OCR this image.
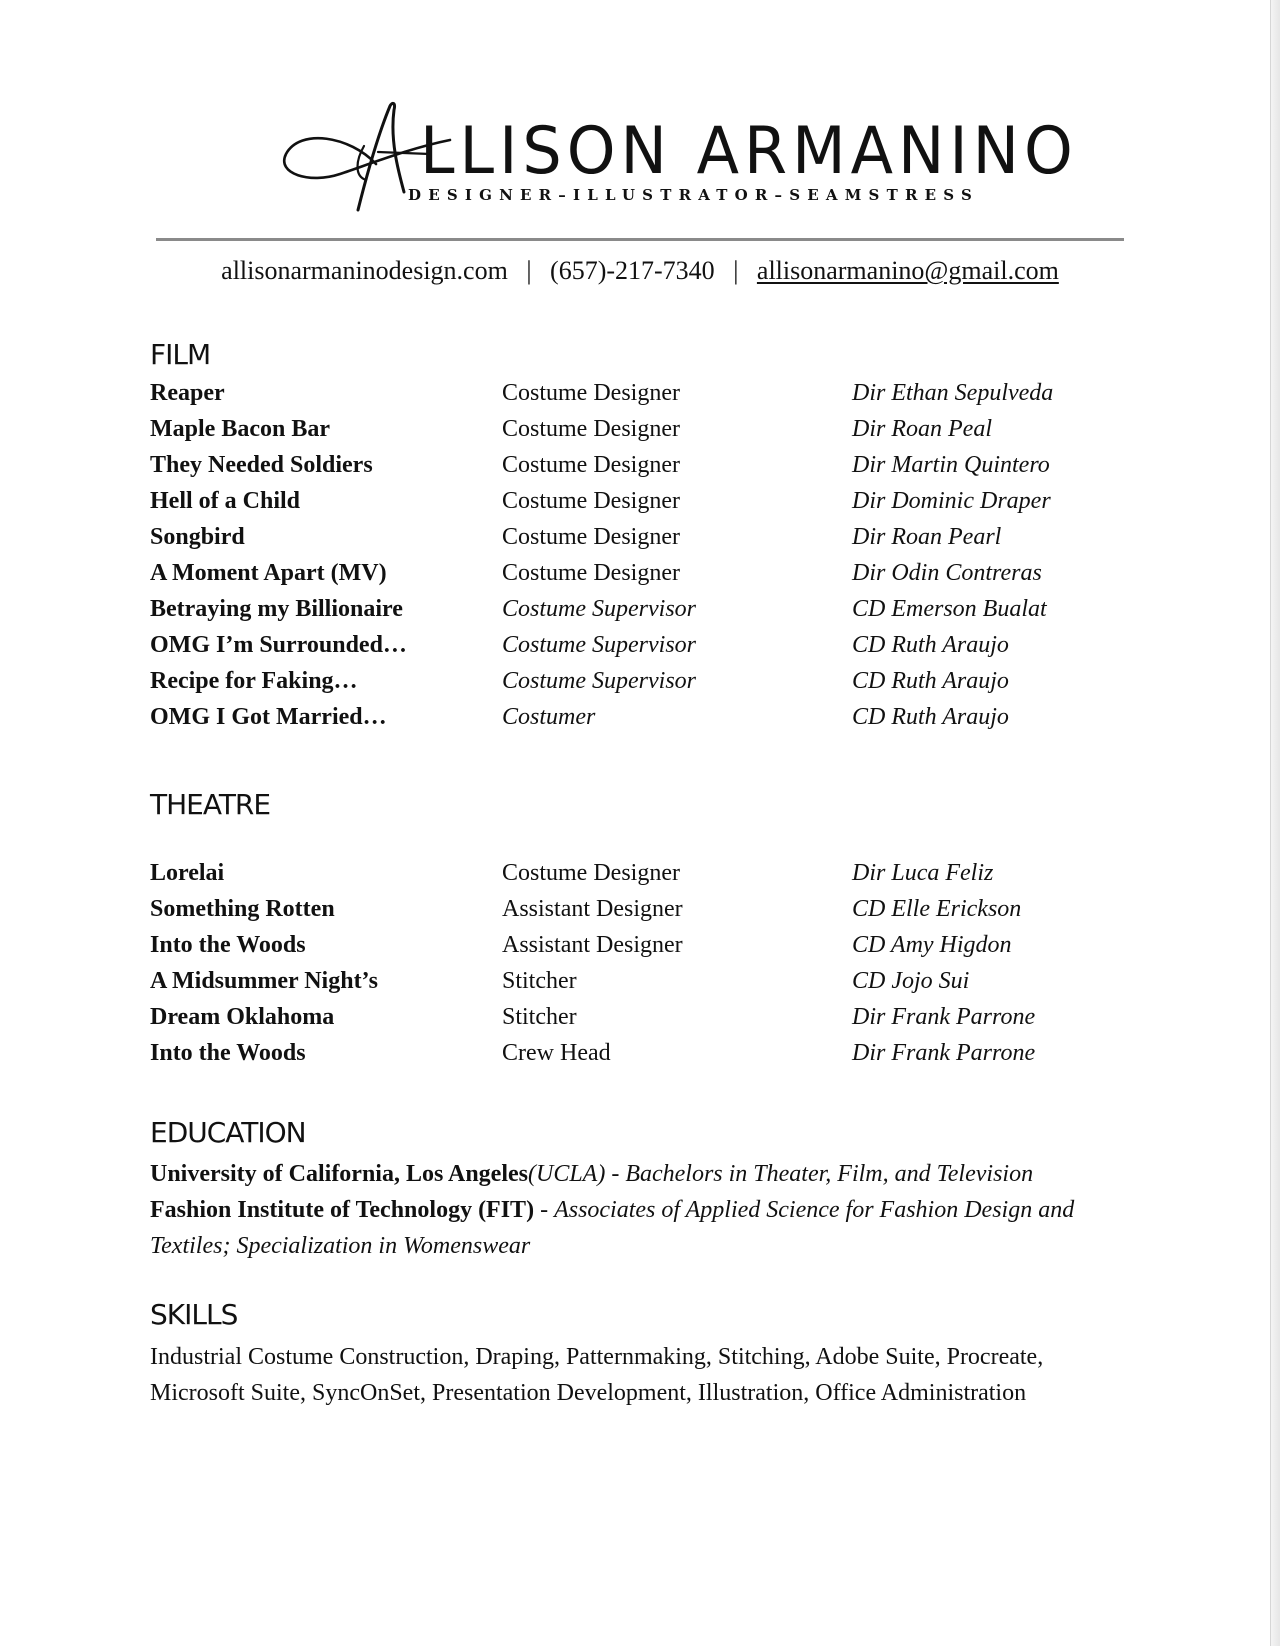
LLISON ARMANINO
DESIGNER–ILLUSTRATOR–SEAMSTRESS
allisonarmaninodesign.com | (657)-217-7340 | allisonarmanino@gmail.com
FILM
Reaper	Costume Designer	Dir Ethan Sepulveda
Maple Bacon Bar	Costume Designer	Dir Roan Peal
They Needed Soldiers	Costume Designer	Dir Martin Quintero
Hell of a Child	Costume Designer	Dir Dominic Draper
Songbird	Costume Designer	Dir Roan Pearl
A Moment Apart (MV)	Costume Designer	Dir Odin Contreras
Betraying my Billionaire	Costume Supervisor	CD Emerson Bualat
OMG I’m Surrounded…	Costume Supervisor	CD Ruth Araujo
Recipe for Faking…	Costume Supervisor	CD Ruth Araujo
OMG I Got Married…	Costumer	CD Ruth Araujo
THEATRE
Lorelai	Costume Designer	Dir Luca Feliz
Something Rotten	Assistant Designer	CD Elle Erickson
Into the Woods	Assistant Designer	CD Amy Higdon
A Midsummer Night’s	Stitcher	CD Jojo Sui
Dream Oklahoma	Stitcher	Dir Frank Parrone
Into the Woods	Crew Head	Dir Frank Parrone
EDUCATION
University of California, Los Angeles(UCLA) - Bachelors in Theater, Film, and Television
Fashion Institute of Technology (FIT) - Associates of Applied Science for Fashion Design and Textiles; Specialization in Womenswear
SKILLS
Industrial Costume Construction, Draping, Patternmaking, Stitching, Adobe Suite, Procreate, Microsoft Suite, SyncOnSet, Presentation Development, Illustration, Office Administration
